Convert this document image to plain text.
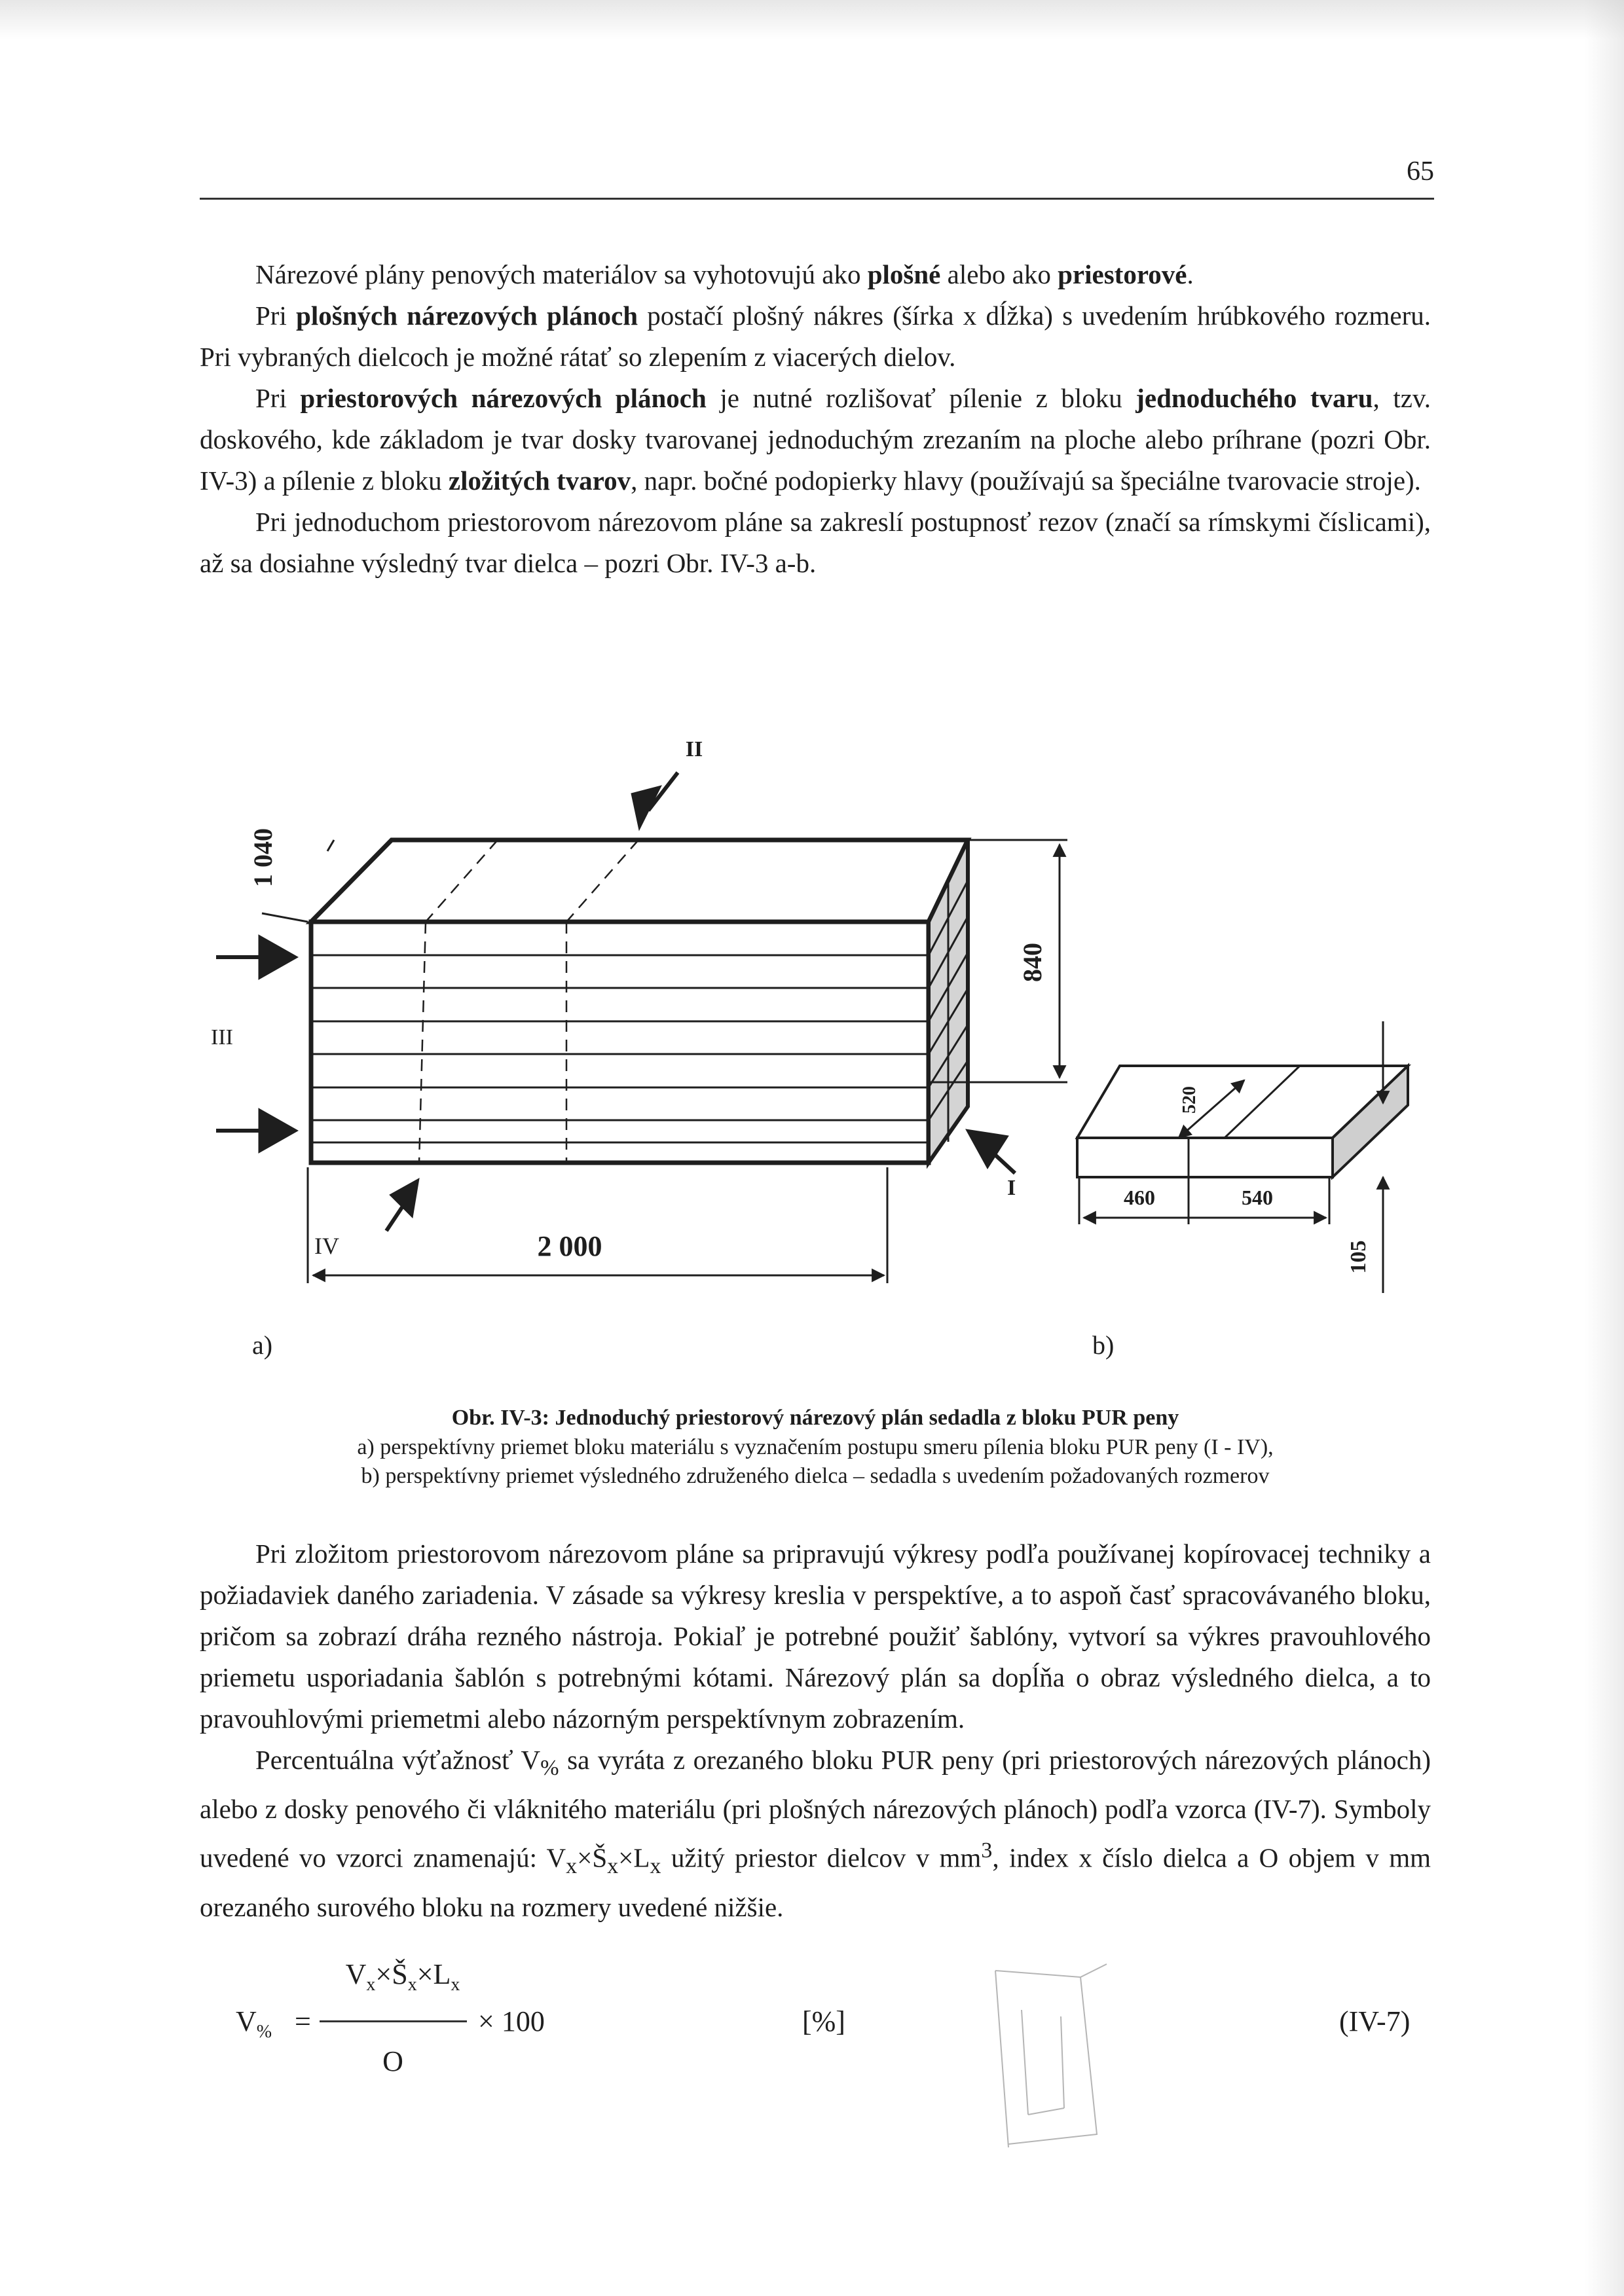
65

Nárezové plány penových materiálov sa vyhotovujú ako plošné alebo ako priestorové.

Pri plošných nárezových plánoch postačí plošný nákres (šírka x dĺžka) s uvedením hrúbkového rozmeru. Pri vybraných dielcoch je možné rátať so zlepením z viacerých dielov.

Pri priestorových nárezových plánoch je nutné rozlišovať pílenie z bloku jednoduchého tvaru, tzv. doskového, kde základom je tvar dosky tvarovanej jednoduchým zrezaním na ploche alebo príhrane (pozri Obr. IV-3) a pílenie z bloku zložitých tvarov, napr. bočné podopierky hlavy (používajú sa špeciálne tvarovacie stroje).

Pri jednoduchom priestorovom nárezovom pláne sa zakreslí postupnosť rezov (značí sa rímskymi číslicami), až sa dosiahne výsledný tvar dielca – pozri Obr. IV-3 a-b.

II
III
IV
I
1 040
2 000
840
520
460	540
105
a)	b)
Obr. IV-3: Jednoduchý priestorový nárezový plán sedadla z bloku PUR peny
a) perspektívny priemet bloku materiálu s vyznačením postupu smeru pílenia bloku PUR peny (I - IV),
b) perspektívny priemet výsledného združeného dielca – sedadla s uvedením požadovaných rozmerov

Pri zložitom priestorovom nárezovom pláne sa pripravujú výkresy podľa používanej kopírovacej techniky a požiadaviek daného zariadenia. V zásade sa výkresy kreslia v perspektíve, a to aspoň časť spracovávaného bloku, pričom sa zobrazí dráha rezného nástroja. Pokiaľ je potrebné použiť šablóny, vytvorí sa výkres pravouhlového priemetu usporiadania šablón s potrebnými kótami. Nárezový plán sa dopĺňa o obraz výsledného dielca, a to pravouhlovými priemetmi alebo názorným perspektívnym zobrazením.

Percentuálna výťažnosť $V_{\%}$ sa vyráta z orezaného bloku PUR peny (pri priestorových nárezových plánoch) alebo z dosky penového či vláknitého materiálu (pri plošných nárezových plánoch) podľa vzorca (IV-7). Symboly uvedené vo vzorci znamenajú: $V_x\times Š_x\times L_x$ užitý priestor dielcov v $mm^3$, index x číslo dielca a O objem v mm orezaného surového bloku na rozmery uvedené nižšie.

$V_{\%}$ =
$V_x\times Š_x\times L_x$
O
× 100	[%]	(IV-7)
